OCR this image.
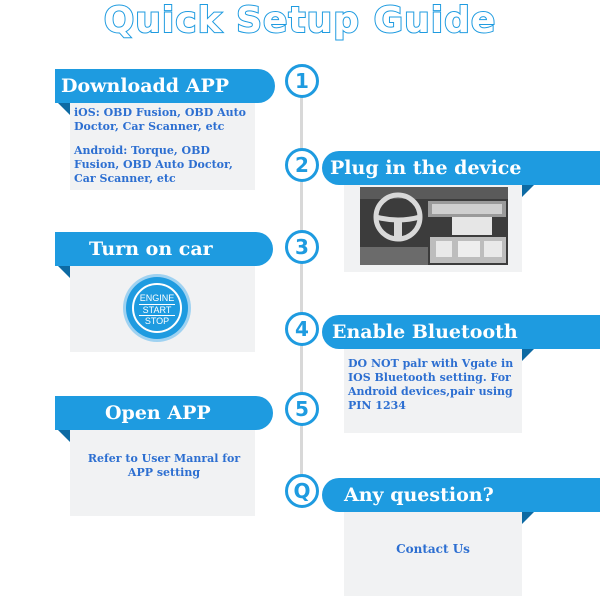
Quick Setup Guide
iOS: OBD Fusion, OBD Auto Doctor, Car Scanner, etc
Android: Torque, OBD Fusion, OBD Auto Doctor, Car Scanner, etc
Downloadd APP	1
Plug in the device
2
ENGINE
START
STOP
Turn on car	3
DO NOT palr with Vgate in IOS Bluetooth setting. For Android devices,pair using PIN 1234
Enable Bluetooth
4
Refer to User Manral for APP setting
Open APP	5
Contact Us
Any question?
Q
